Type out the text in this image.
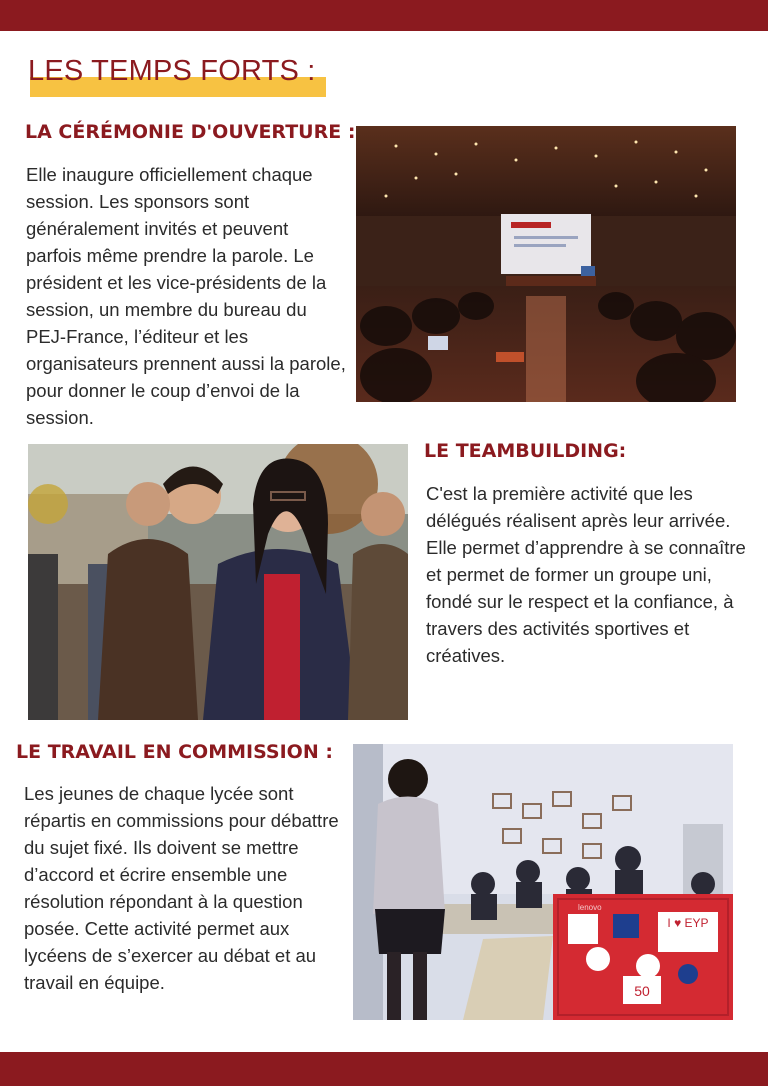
LES TEMPS FORTS :
LA CÉRÉMONIE D'OUVERTURE :

Elle inaugure officiellement chaque session. Les sponsors sont généralement invités et peuvent parfois même prendre la parole. Le président et les vice-présidents de la session, un membre du bureau du PEJ-France, l’éditeur et les organisateurs prennent aussi la parole, pour donner le coup d’envoi de la session.

LE TEAMBUILDING:

C'est la première activité que les délégués réalisent après leur arrivée. Elle permet d’apprendre à se connaître et permet de former un groupe uni, fondé sur le respect et la confiance, à travers des activités sportives et créatives.

LE TRAVAIL EN COMMISSION :

Les jeunes de chaque lycée sont répartis en commissions pour débattre du sujet fixé. Ils doivent se mettre d’accord et écrire ensemble une résolution répondant à la question posée. Cette activité permet aux lycéens de s’exercer au débat et au travail en équipe.

I ♥ EYP
lenovo
50
